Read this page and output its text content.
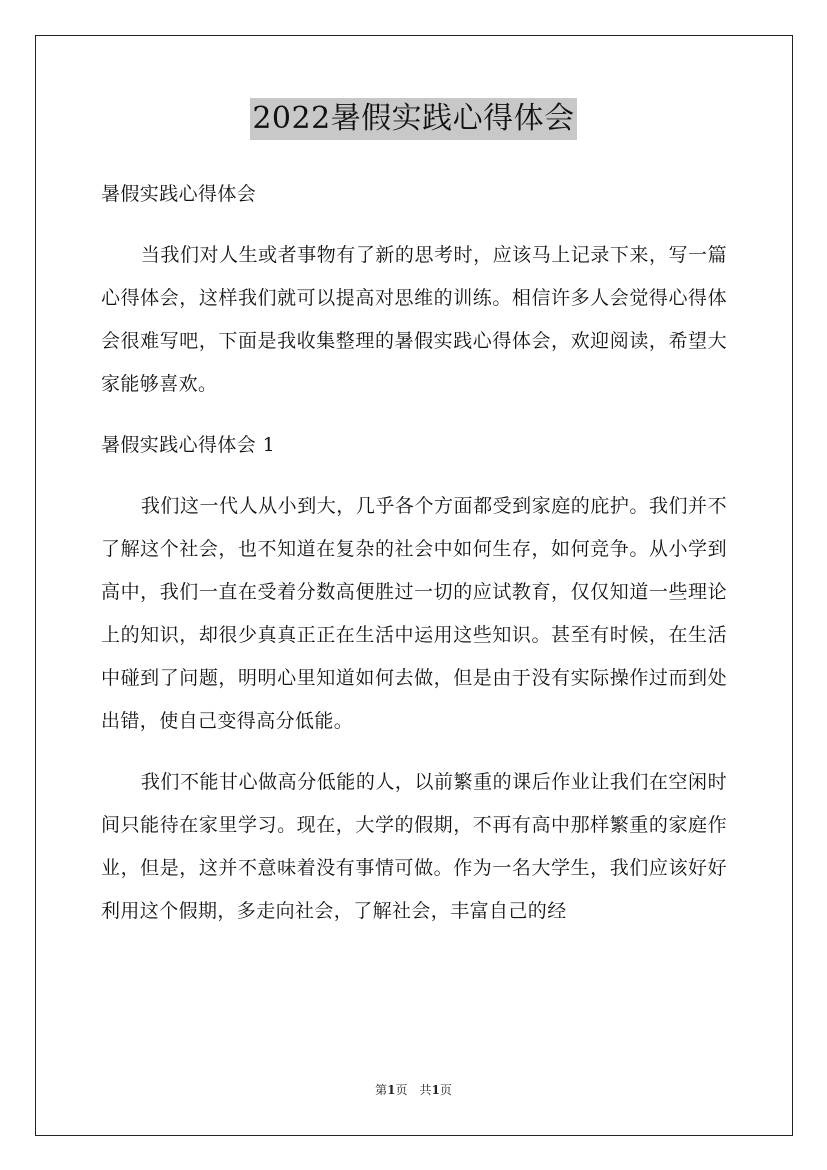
2022暑假实践心得体会

暑假实践心得体会

当我们对人生或者事物有了新的思考时，应该马上记录下来，写一篇心得体会，这样我们就可以提高对思维的训练。相信许多人会觉得心得体会很难写吧，下面是我收集整理的暑假实践心得体会，欢迎阅读，希望大家能够喜欢。

暑假实践心得体会 1

我们这一代人从小到大，几乎各个方面都受到家庭的庇护。我们并不了解这个社会，也不知道在复杂的社会中如何生存，如何竞争。从小学到高中，我们一直在受着分数高便胜过一切的应试教育，仅仅知道一些理论上的知识，却很少真真正正在生活中运用这些知识。甚至有时候，在生活中碰到了问题，明明心里知道如何去做，但是由于没有实际操作过而到处出错，使自己变得高分低能。

我们不能甘心做高分低能的人，以前繁重的课后作业让我们在空闲时间只能待在家里学习。现在，大学的假期，不再有高中那样繁重的家庭作业，但是，这并不意味着没有事情可做。作为一名大学生，我们应该好好利用这个假期，多走向社会，了解社会，丰富自己的经

第1页 共1页
